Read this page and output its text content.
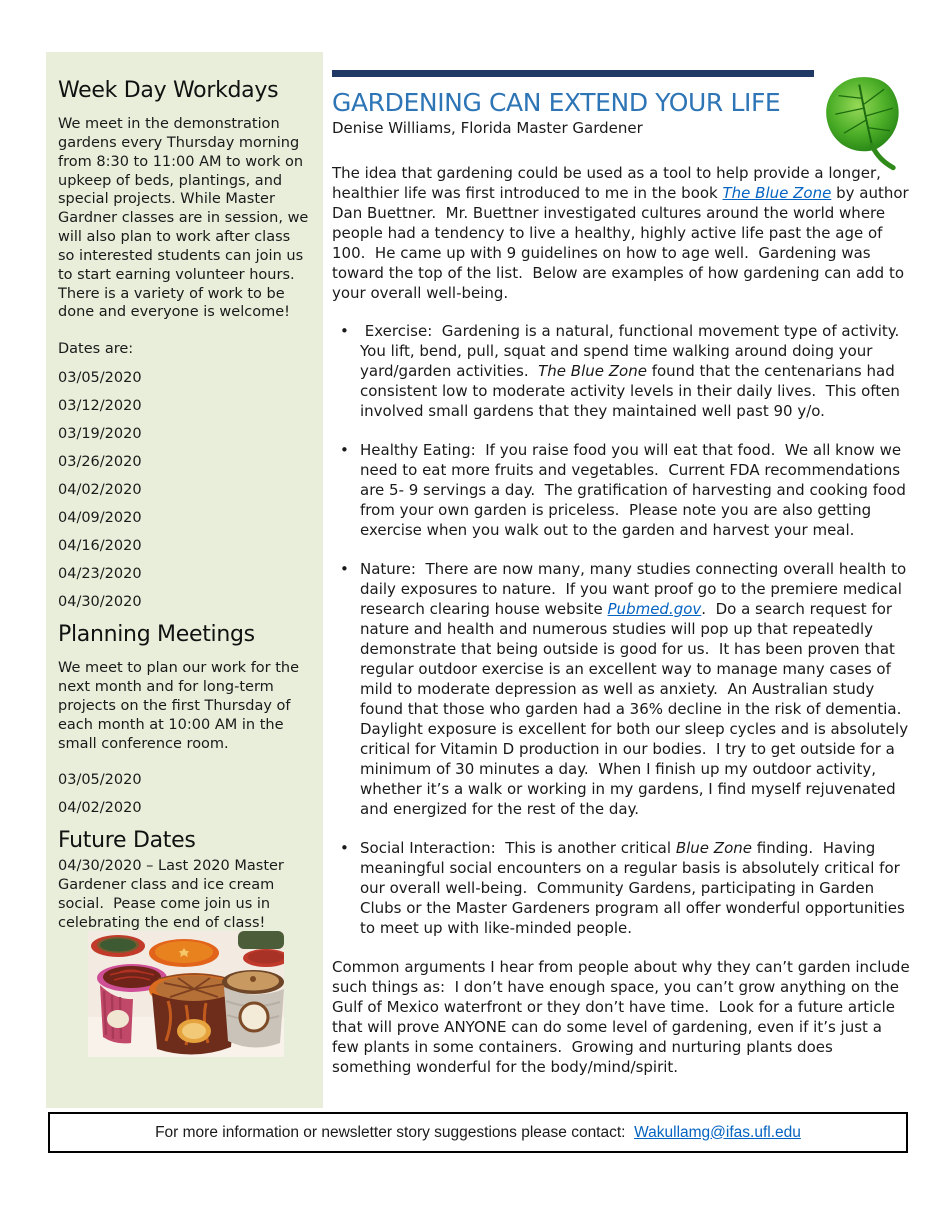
Week Day Workdays

We meet in the demonstration gardens every Thursday morning from 8:30 to 11:00 AM to work on upkeep of beds, plantings, and special projects. While Master Gardner classes are in session, we will also plan to work after class so interested students can join us to start earning volunteer hours. There is a variety of work to be done and everyone is welcome!

Dates are:

03/05/2020
03/12/2020
03/19/2020
03/26/2020
04/02/2020
04/09/2020
04/16/2020
04/23/2020
04/30/2020
Planning Meetings

We meet to plan our work for the next month and for long-term projects on the first Thursday of each month at 10:00 AM in the small conference room.

03/05/2020
04/02/2020
Future Dates

04/30/2020 – Last 2020 Master Gardener class and ice cream social.  Pease come join us in celebrating the end of class!

GARDENING CAN EXTEND YOUR LIFE

Denise Williams, Florida Master Gardener

The idea that gardening could be used as a tool to help provide a longer, healthier life was first introduced to me in the book The Blue Zone by author Dan Buettner.  Mr. Buettner investigated cultures around the world where people had a tendency to live a healthy, highly active life past the age of 100.  He came up with 9 guidelines on how to age well.  Gardening was toward the top of the list.  Below are examples of how gardening can add to your overall well-being.

•  Exercise:  Gardening is a natural, functional movement type of activity.  You lift, bend, pull, squat and spend time walking around doing your yard/garden activities.  The Blue Zone found that the centenarians had consistent low to moderate activity levels in their daily lives.  This often involved small gardens that they maintained well past 90 y/o.
• Healthy Eating:  If you raise food you will eat that food.  We all know we need to eat more fruits and vegetables.  Current FDA recommendations are 5- 9 servings a day.  The gratification of harvesting and cooking food from your own garden is priceless.  Please note you are also getting exercise when you walk out to the garden and harvest your meal.
• Nature:  There are now many, many studies connecting overall health to daily exposures to nature.  If you want proof go to the premiere medical research clearing house website Pubmed.gov.  Do a search request for nature and health and numerous studies will pop up that repeatedly demonstrate that being outside is good for us.  It has been proven that regular outdoor exercise is an excellent way to manage many cases of mild to moderate depression as well as anxiety.  An Australian study found that those who garden had a 36% decline in the risk of dementia.  Daylight exposure is excellent for both our sleep cycles and is absolutely critical for Vitamin D production in our bodies.  I try to get outside for a minimum of 30 minutes a day.  When I finish up my outdoor activity, whether it’s a walk or working in my gardens, I find myself rejuvenated and energized for the rest of the day.
• Social Interaction:  This is another critical Blue Zone finding.  Having meaningful social encounters on a regular basis is absolutely critical for our overall well-being.  Community Gardens, participating in Garden Clubs or the Master Gardeners program all offer wonderful opportunities to meet up with like-minded people.

Common arguments I hear from people about why they can’t garden include such things as:  I don’t have enough space, you can’t grow anything on the Gulf of Mexico waterfront or they don’t have time.  Look for a future article that will prove ANYONE can do some level of gardening, even if it’s just a few plants in some containers.  Growing and nurturing plants does something wonderful for the body/mind/spirit.

For more information or newsletter story suggestions please contact: Wakullamg@ifas.ufl.edu
